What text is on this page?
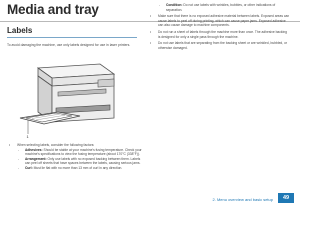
Media and tray
Labels
To avoid damaging the machine, use only labels designed for use in laser printers.
1
•	When selecting labels, consider the following factors:
-	Adhesives: Should be stable at your machine's fusing temperature. Check your machine's specifications to view the fusing temperature (about 170°C (338°F)).
-	Arrangement: Only use labels with no exposed backing between them. Labels can peel off sheets that have spaces between the labels, causing serious jams.
-	Curl: Must lie flat with no more than 13 mm of curl in any direction.
-	Condition: Do not use labels with wrinkles, bubbles, or other indications of separation.
•	Make sure that there is no exposed adhesive material between labels. Exposed areas can cause labels to peel off during printing, which can cause paper jams. Exposed adhesive can also cause damage to machine components.
•	Do not run a sheet of labels through the machine more than once. The adhesive backing is designed for only a single pass through the machine.
•	Do not use labels that are separating from the backing sheet or are wrinkled, bubbled, or otherwise damaged.
2. Menu overview and basic setup	49
